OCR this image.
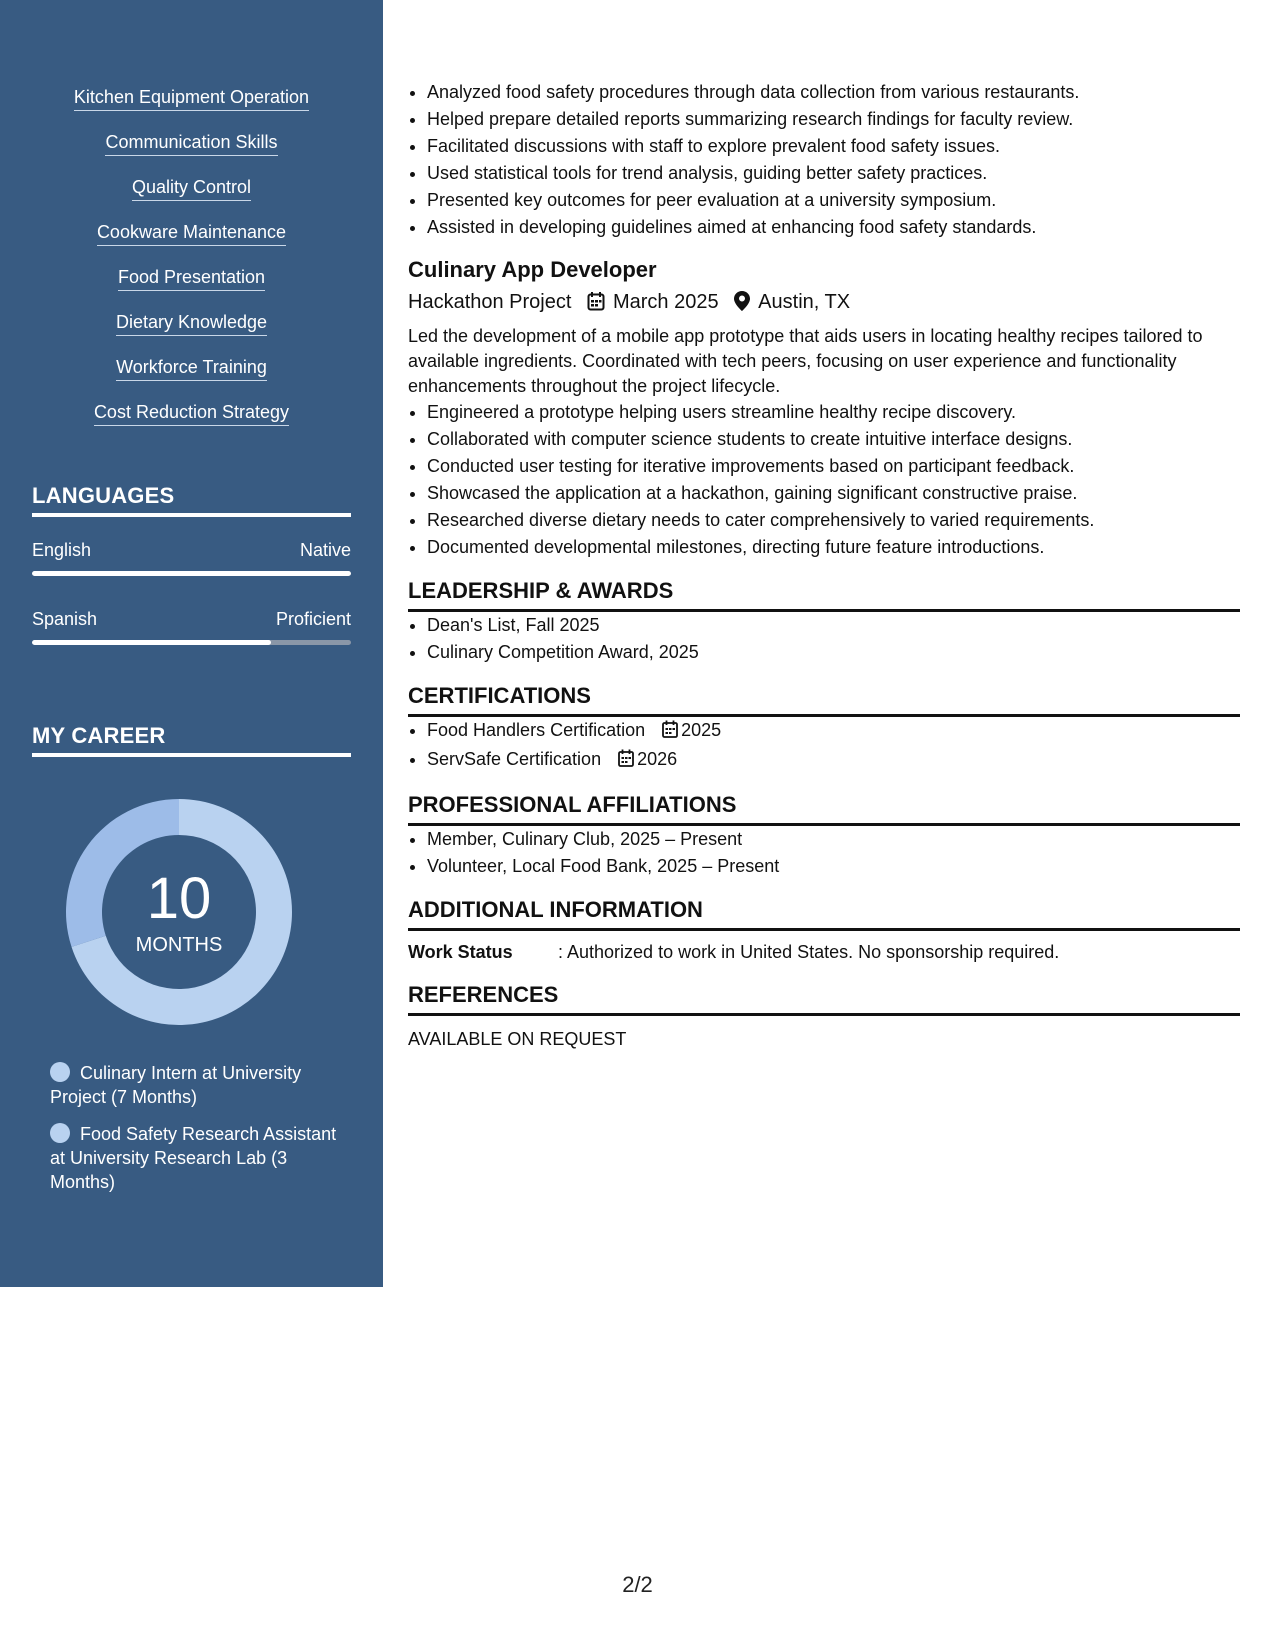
Kitchen Equipment Operation
Communication Skills
Quality Control
Cookware Maintenance
Food Presentation
Dietary Knowledge
Workforce Training
Cost Reduction Strategy
LANGUAGES
English	Native
Spanish	Proficient
MY CAREER
10
MONTHS
Culinary Intern at University Project (7 Months)
Food Safety Research Assistant at University Research Lab (3 Months)
• Analyzed food safety procedures through data collection from various restaurants.
• Helped prepare detailed reports summarizing research findings for faculty review.
• Facilitated discussions with staff to explore prevalent food safety issues.
• Used statistical tools for trend analysis, guiding better safety practices.
• Presented key outcomes for peer evaluation at a university symposium.
• Assisted in developing guidelines aimed at enhancing food safety standards.
Culinary App Developer
Hackathon Project March 2025 Austin, TX
Led the development of a mobile app prototype that aids users in locating healthy recipes tailored to available ingredients. Coordinated with tech peers, focusing on user experience and functionality enhancements throughout the project lifecycle.
• Engineered a prototype helping users streamline healthy recipe discovery.
• Collaborated with computer science students to create intuitive interface designs.
• Conducted user testing for iterative improvements based on participant feedback.
• Showcased the application at a hackathon, gaining significant constructive praise.
• Researched diverse dietary needs to cater comprehensively to varied requirements.
• Documented developmental milestones, directing future feature introductions.
LEADERSHIP & AWARDS
• Dean's List, Fall 2025
• Culinary Competition Award, 2025
CERTIFICATIONS
• Food Handlers Certification 2025
• ServSafe Certification 2026
PROFESSIONAL AFFILIATIONS
• Member, Culinary Club, 2025 – Present
• Volunteer, Local Food Bank, 2025 – Present
ADDITIONAL INFORMATION
Work Status	: Authorized to work in United States. No sponsorship required.
REFERENCES
AVAILABLE ON REQUEST
2/2
